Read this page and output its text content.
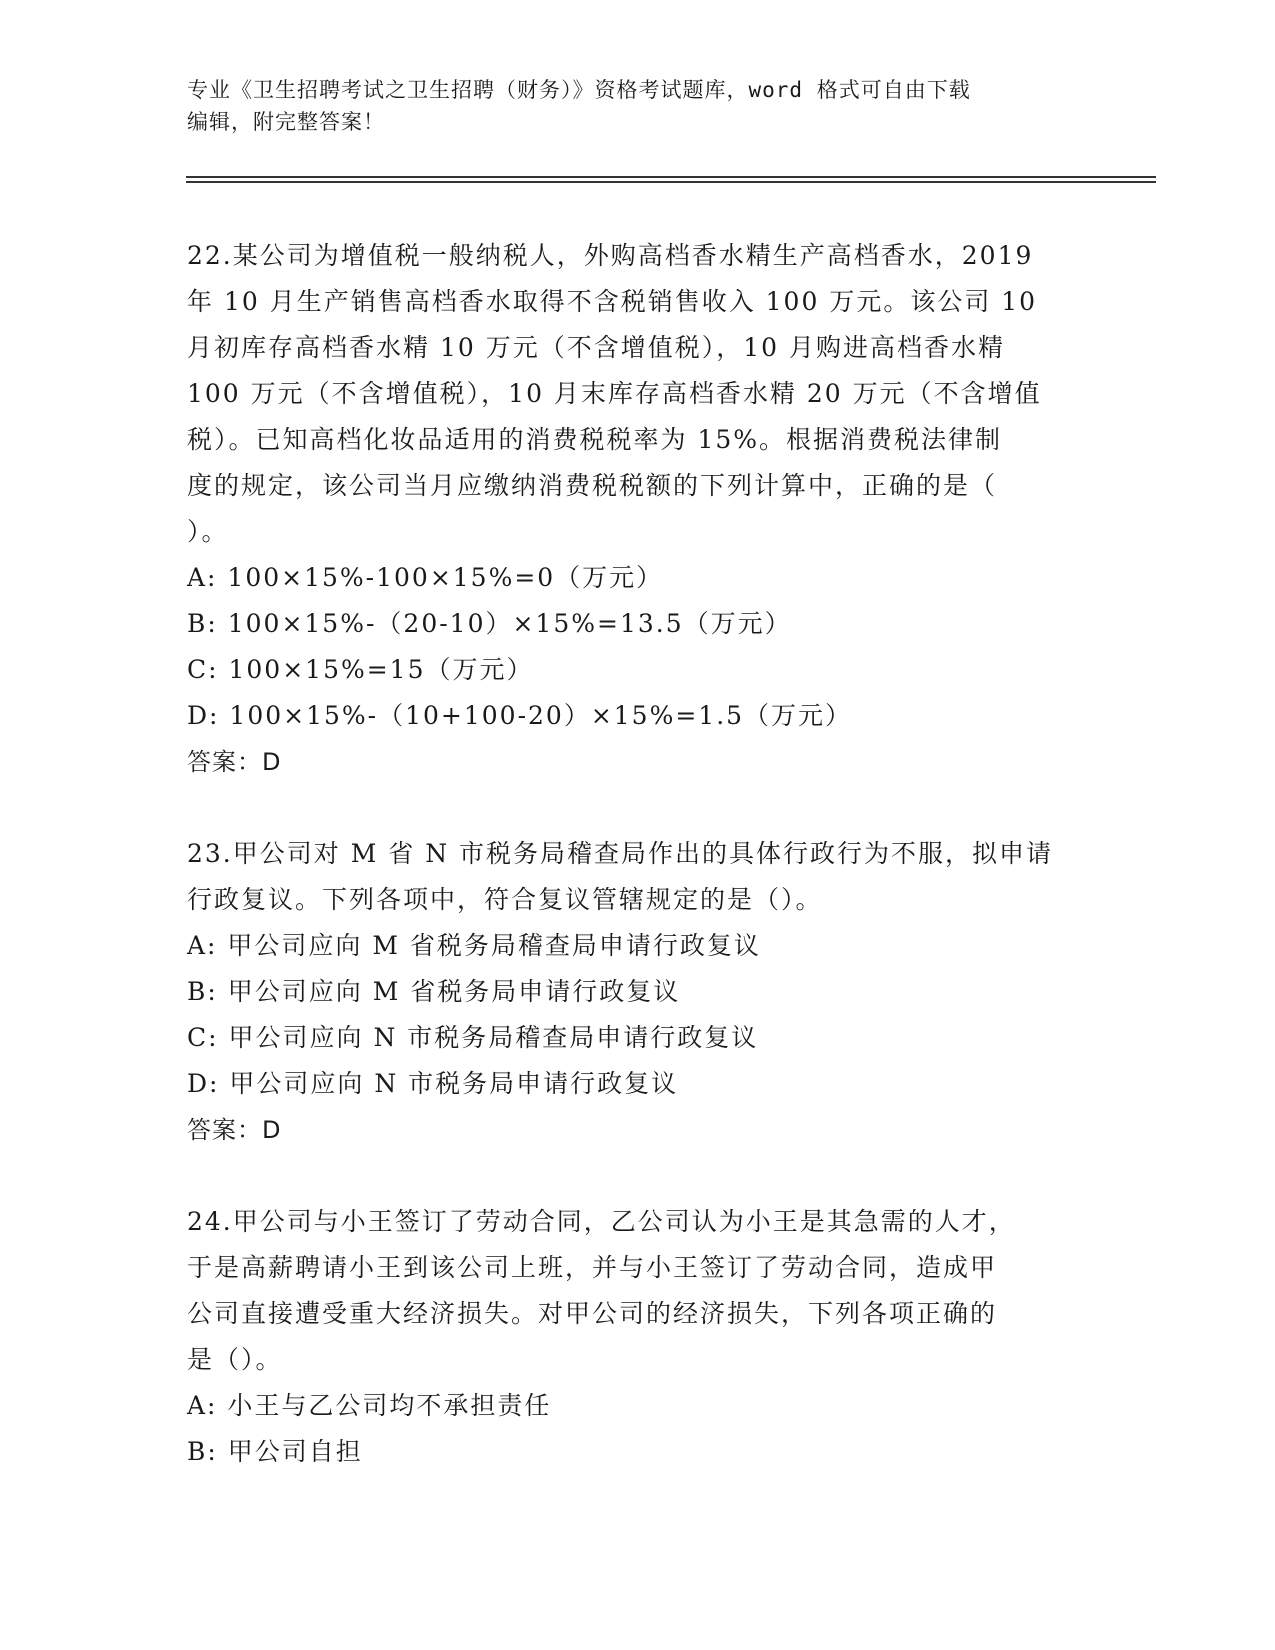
专业《卫生招聘考试之卫生招聘（财务）》资格考试题库，word 格式可自由下载
编辑，附完整答案！
22.某公司为增值税一般纳税人，外购高档香水精生产高档香水，2019
年 10 月生产销售高档香水取得不含税销售收入 100 万元。该公司 10
月初库存高档香水精 10 万元（不含增值税），10 月购进高档香水精
100 万元（不含增值税），10 月末库存高档香水精 20 万元（不含增值
税）。已知高档化妆品适用的消费税税率为 15%。根据消费税法律制
度的规定，该公司当月应缴纳消费税税额的下列计算中，正确的是（
）。
A: 100×15%-100×15%=0（万元）
B: 100×15%-（20-10）×15%=13.5（万元）
C: 100×15%=15（万元）
D: 100×15%-（10+100-20）×15%=1.5（万元）
答案：D
23.甲公司对 M 省 N 市税务局稽查局作出的具体行政行为不服，拟申请
行政复议。下列各项中，符合复议管辖规定的是（）。
A: 甲公司应向 M 省税务局稽查局申请行政复议
B: 甲公司应向 M 省税务局申请行政复议
C: 甲公司应向 N 市税务局稽查局申请行政复议
D: 甲公司应向 N 市税务局申请行政复议
答案：D
24.甲公司与小王签订了劳动合同，乙公司认为小王是其急需的人才，
于是高薪聘请小王到该公司上班，并与小王签订了劳动合同，造成甲
公司直接遭受重大经济损失。对甲公司的经济损失，下列各项正确的
是（）。
A: 小王与乙公司均不承担责任
B: 甲公司自担
